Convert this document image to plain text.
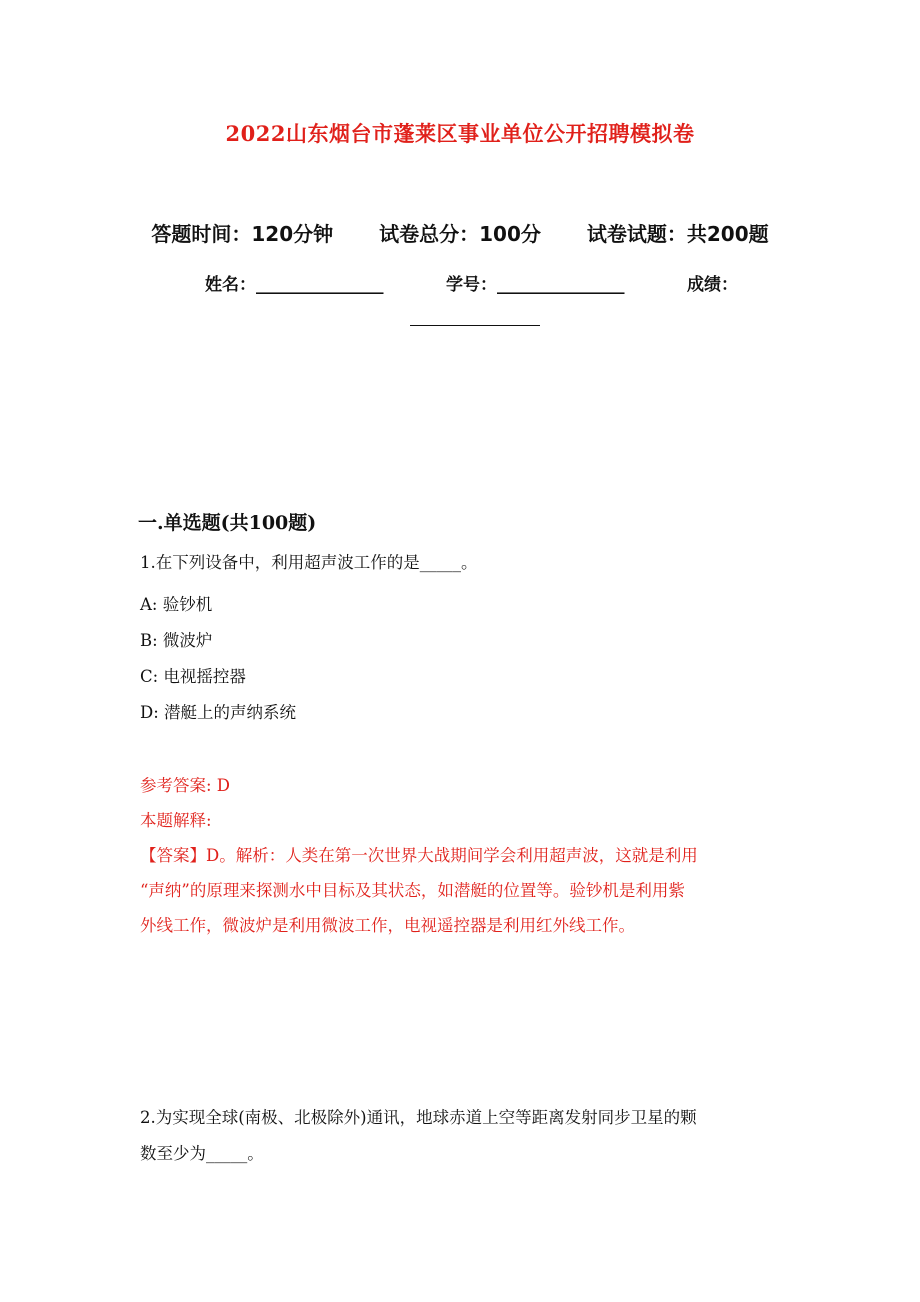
2022山东烟台市蓬莱区事业单位公开招聘模拟卷
答题时间：120分钟 试卷总分：100分 试卷试题：共200题
姓名：_______________	学号：_______________	成绩：
一.单选题(共100题)
1.在下列设备中，利用超声波工作的是_____。
A: 验钞机
B: 微波炉
C: 电视摇控器
D: 潜艇上的声纳系统
参考答案: D
本题解释:
【答案】D。解析：人类在第一次世界大战期间学会利用超声波，这就是利用
“声纳”的原理来探测水中目标及其状态，如潜艇的位置等。验钞机是利用紫
外线工作，微波炉是利用微波工作，电视遥控器是利用红外线工作。
2.为实现全球(南极、北极除外)通讯，地球赤道上空等距离发射同步卫星的颗
数至少为_____。
